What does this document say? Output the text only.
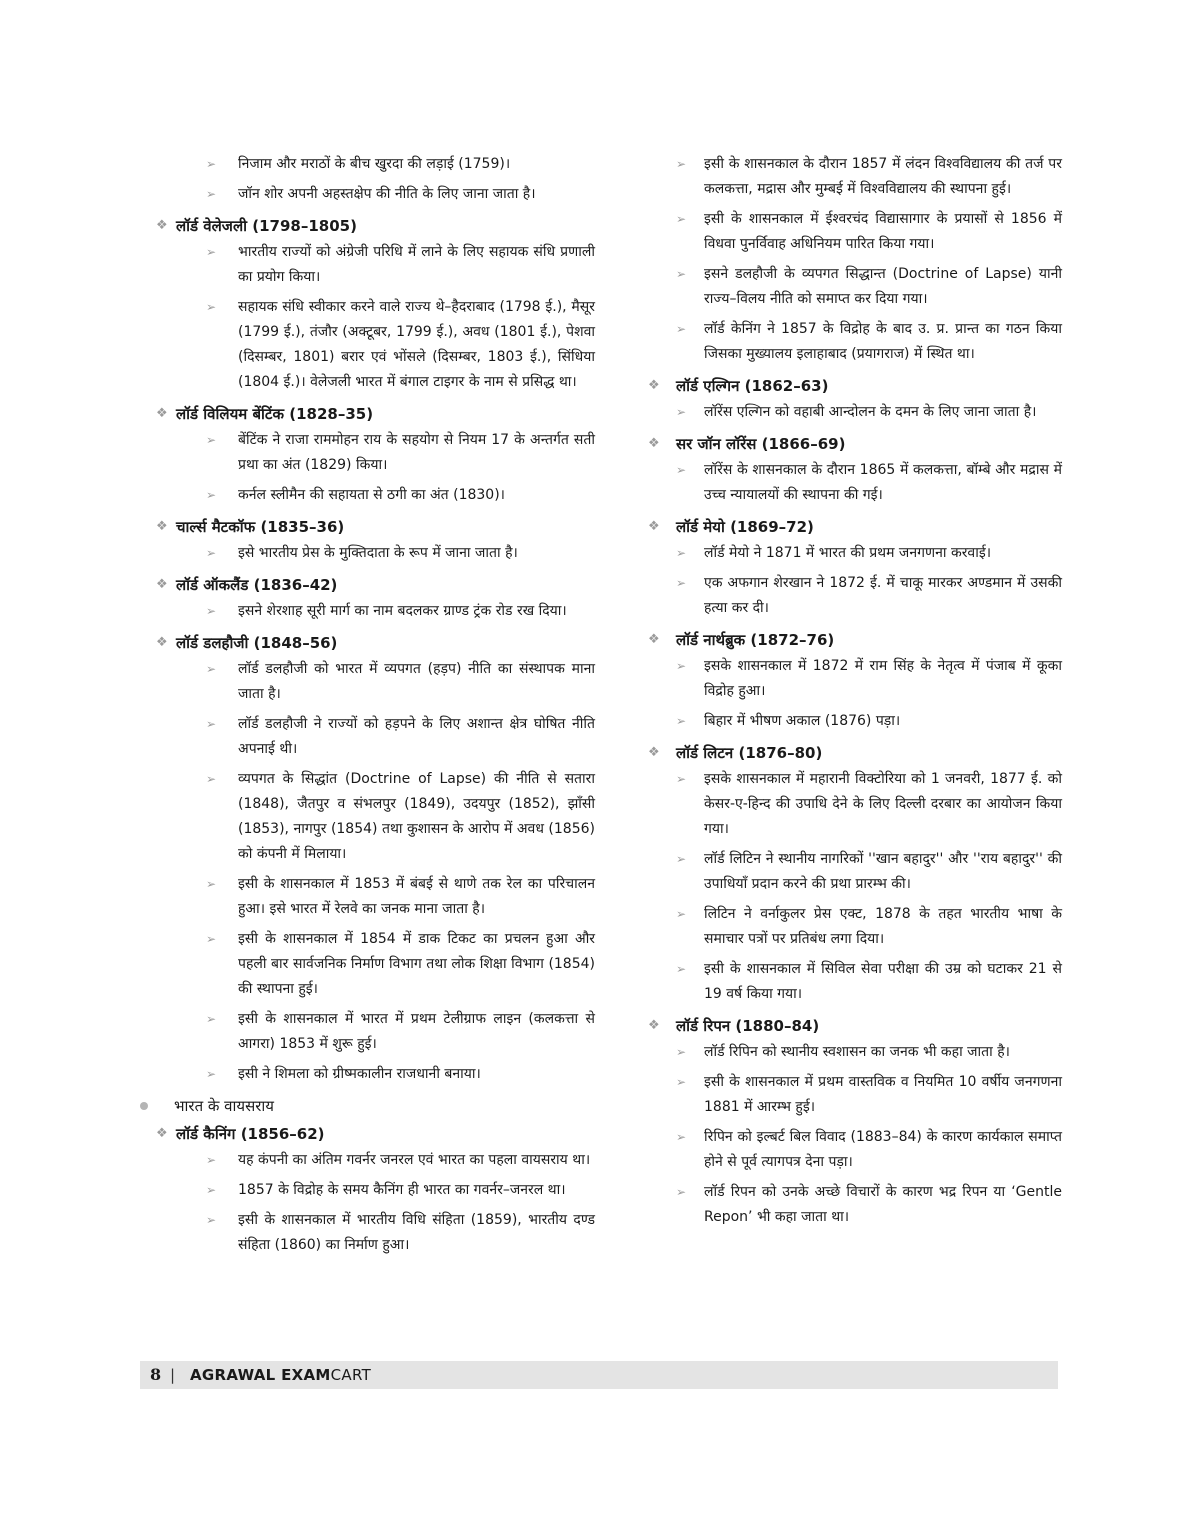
➢ निजाम और मराठों के बीच खुरदा की लड़ाई (1759)।
➢ जॉन शोर अपनी अहस्तक्षेप की नीति के लिए जाना जाता है।
❖ लॉर्ड वेलेजली (1798–1805)
➢ भारतीय राज्यों को अंग्रेजी परिधि में लाने के लिए सहायक संधि प्रणाली का प्रयोग किया।
➢ सहायक संधि स्वीकार करने वाले राज्य थे–हैदराबाद (1798 ई.), मैसूर (1799 ई.), तंजौर (अक्टूबर, 1799 ई.), अवध (1801 ई.), पेशवा (दिसम्बर, 1801) बरार एवं भोंसले (दिसम्बर, 1803 ई.), सिंधिया (1804 ई.)। वेलेजली भारत में बंगाल टाइगर के नाम से प्रसिद्ध था।
❖ लॉर्ड विलियम बेंटिंक (1828–35)
➢ बेंटिंक ने राजा राममोहन राय के सहयोग से नियम 17 के अन्तर्गत सती प्रथा का अंत (1829) किया।
➢ कर्नल स्लीमैन की सहायता से ठगी का अंत (1830)।
❖ चार्ल्स मैटकॉफ (1835–36)
➢ इसे भारतीय प्रेस के मुक्तिदाता के रूप में जाना जाता है।
❖ लॉर्ड ऑकलैंड (1836–42)
➢ इसने शेरशाह सूरी मार्ग का नाम बदलकर ग्राण्ड ट्रंक रोड रख दिया।
❖ लॉर्ड डलहौजी (1848–56)
➢ लॉर्ड डलहौजी को भारत में व्यपगत (हड़प) नीति का संस्थापक माना जाता है।
➢ लॉर्ड डलहौजी ने राज्यों को हड़पने के लिए अशान्त क्षेत्र घोषित नीति अपनाई थी।
➢ व्यपगत के सिद्धांत (Doctrine of Lapse) की नीति से सतारा (1848), जैतपुर व संभलपुर (1849), उदयपुर (1852), झाँसी (1853), नागपुर (1854) तथा कुशासन के आरोप में अवध (1856) को कंपनी में मिलाया।
➢ इसी के शासनकाल में 1853 में बंबई से थाणे तक रेल का परिचालन हुआ। इसे भारत में रेलवे का जनक माना जाता है।
➢ इसी के शासनकाल में 1854 में डाक टिकट का प्रचलन हुआ और पहली बार सार्वजनिक निर्माण विभाग तथा लोक शिक्षा विभाग (1854) की स्थापना हुई।
➢ इसी के शासनकाल में भारत में प्रथम टेलीग्राफ लाइन (कलकत्ता से आगरा) 1853 में शुरू हुई।
➢ इसी ने शिमला को ग्रीष्मकालीन राजधानी बनाया।
भारत के वायसराय
❖ लॉर्ड कैनिंग (1856–62)
➢ यह कंपनी का अंतिम गवर्नर जनरल एवं भारत का पहला वायसराय था।
➢ 1857 के विद्रोह के समय कैनिंग ही भारत का गवर्नर–जनरल था।
➢ इसी के शासनकाल में भारतीय विधि संहिता (1859), भारतीय दण्ड संहिता (1860) का निर्माण हुआ।
➢ इसी के शासनकाल के दौरान 1857 में लंदन विश्वविद्यालय की तर्ज पर कलकत्ता, मद्रास और मुम्बई में विश्वविद्यालय की स्थापना हुई।
➢ इसी के शासनकाल में ईश्वरचंद विद्यासागार के प्रयासों से 1856 में विधवा पुनर्विवाह अधिनियम पारित किया गया।
➢ इसने डलहौजी के व्यपगत सिद्धान्त (Doctrine of Lapse) यानी राज्य–विलय नीति को समाप्त कर दिया गया।
➢ लॉर्ड केनिंग ने 1857 के विद्रोह के बाद उ. प्र. प्रान्त का गठन किया जिसका मुख्यालय इलाहाबाद (प्रयागराज) में स्थित था।
❖ लॉर्ड एल्गिन (1862–63)
➢ लॉरेंस एल्गिन को वहाबी आन्दोलन के दमन के लिए जाना जाता है।
❖ सर जॉन लॉरेंस (1866–69)
➢ लॉरेंस के शासनकाल के दौरान 1865 में कलकत्ता, बॉम्बे और मद्रास में उच्च न्यायालयों की स्थापना की गई।
❖ लॉर्ड मेयो (1869–72)
➢ लॉर्ड मेयो ने 1871 में भारत की प्रथम जनगणना करवाई।
➢ एक अफगान शेरखान ने 1872 ई. में चाकू मारकर अण्डमान में उसकी हत्या कर दी।
❖ लॉर्ड नार्थब्रुक (1872–76)
➢ इसके शासनकाल में 1872 में राम सिंह के नेतृत्व में पंजाब में कूका विद्रोह हुआ।
➢ बिहार में भीषण अकाल (1876) पड़ा।
❖ लॉर्ड लिटन (1876–80)
➢ इसके शासनकाल में महारानी विक्टोरिया को 1 जनवरी, 1877 ई. को केसर-ए-हिन्द की उपाधि देने के लिए दिल्ली दरबार का आयोजन किया गया।
➢ लॉर्ड लिटिन ने स्थानीय नागरिकों ''खान बहादुर'' और ''राय बहादुर'' की उपाधियाँ प्रदान करने की प्रथा प्रारम्भ की।
➢ लिटिन ने वर्नाकुलर प्रेस एक्ट, 1878 के तहत भारतीय भाषा के समाचार पत्रों पर प्रतिबंध लगा दिया।
➢ इसी के शासनकाल में सिविल सेवा परीक्षा की उम्र को घटाकर 21 से 19 वर्ष किया गया।
❖ लॉर्ड रिपन (1880–84)
➢ लॉर्ड रिपिन को स्थानीय स्वशासन का जनक भी कहा जाता है।
➢ इसी के शासनकाल में प्रथम वास्तविक व नियमित 10 वर्षीय जनगणना 1881 में आरम्भ हुई।
➢ रिपिन को इल्बर्ट बिल विवाद (1883–84) के कारण कार्यकाल समाप्त होने से पूर्व त्यागपत्र देना पड़ा।
➢ लॉर्ड रिपन को उनके अच्छे विचारों के कारण भद्र रिपन या ‘Gentle Repon’ भी कहा जाता था।
8 | AGRAWAL EXAMCART
